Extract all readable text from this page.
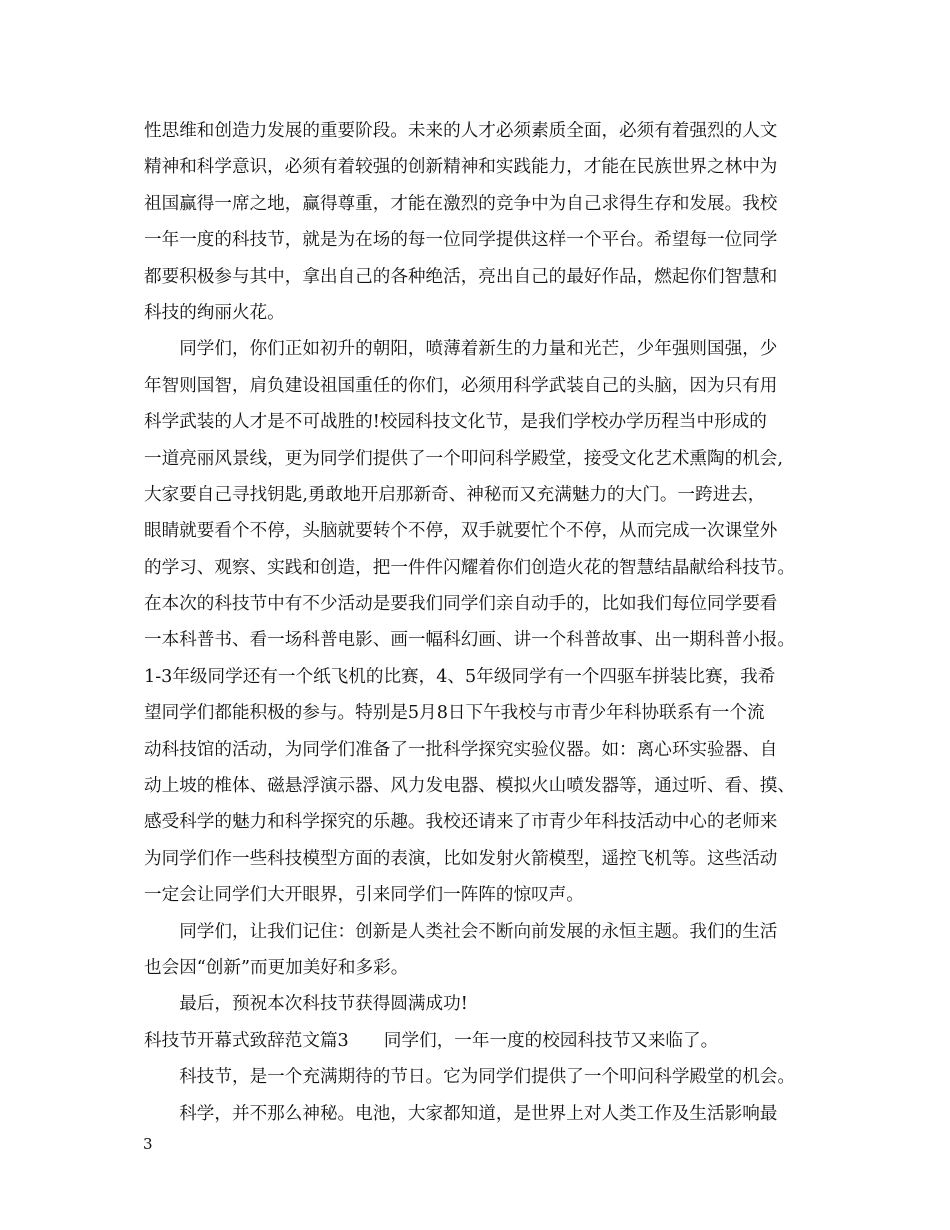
性思维和创造力发展的重要阶段。未来的人才必须素质全面，必须有着强烈的人文
精神和科学意识，必须有着较强的创新精神和实践能力，才能在民族世界之林中为
祖国赢得一席之地，赢得尊重，才能在激烈的竞争中为自己求得生存和发展。我校
一年一度的科技节，就是为在场的每一位同学提供这样一个平台。希望每一位同学
都要积极参与其中，拿出自己的各种绝活，亮出自己的最好作品，燃起你们智慧和
科技的绚丽火花。
　　同学们，你们正如初升的朝阳，喷薄着新生的力量和光芒，少年强则国强，少
年智则国智，肩负建设祖国重任的你们，必须用科学武装自己的头脑，因为只有用
科学武装的人才是不可战胜的!校园科技文化节，是我们学校办学历程当中形成的
一道亮丽风景线，更为同学们提供了一个叩问科学殿堂，接受文化艺术熏陶的机会,
大家要自己寻找钥匙,勇敢地开启那新奇、神秘而又充满魅力的大门。一跨进去，
眼睛就要看个不停，头脑就要转个不停，双手就要忙个不停，从而完成一次课堂外
的学习、观察、实践和创造，把一件件闪耀着你们创造火花的智慧结晶献给科技节。
在本次的科技节中有不少活动是要我们同学们亲自动手的，比如我们每位同学要看
一本科普书、看一场科普电影、画一幅科幻画、讲一个科普故事、出一期科普小报。
1-3年级同学还有一个纸飞机的比赛，4、5年级同学有一个四驱车拼装比赛，我希
望同学们都能积极的参与。特别是5月8日下午我校与市青少年科协联系有一个流
动科技馆的活动，为同学们准备了一批科学探究实验仪器。如：离心环实验器、自
动上坡的椎体、磁悬浮演示器、风力发电器、模拟火山喷发器等，通过听、看、摸、
感受科学的魅力和科学探究的乐趣。我校还请来了市青少年科技活动中心的老师来
为同学们作一些科技模型方面的表演，比如发射火箭模型，遥控飞机等。这些活动
一定会让同学们大开眼界，引来同学们一阵阵的惊叹声。
　　同学们，让我们记住：创新是人类社会不断向前发展的永恒主题。我们的生活
也会因“创新”而更加美好和多彩。
　　最后，预祝本次科技节获得圆满成功!
科技节开幕式致辞范文篇3　　同学们，一年一度的校园科技节又来临了。
　　科技节，是一个充满期待的节日。它为同学们提供了一个叩问科学殿堂的机会。
　　科学，并不那么神秘。电池，大家都知道，是世界上对人类工作及生活影响最
3
